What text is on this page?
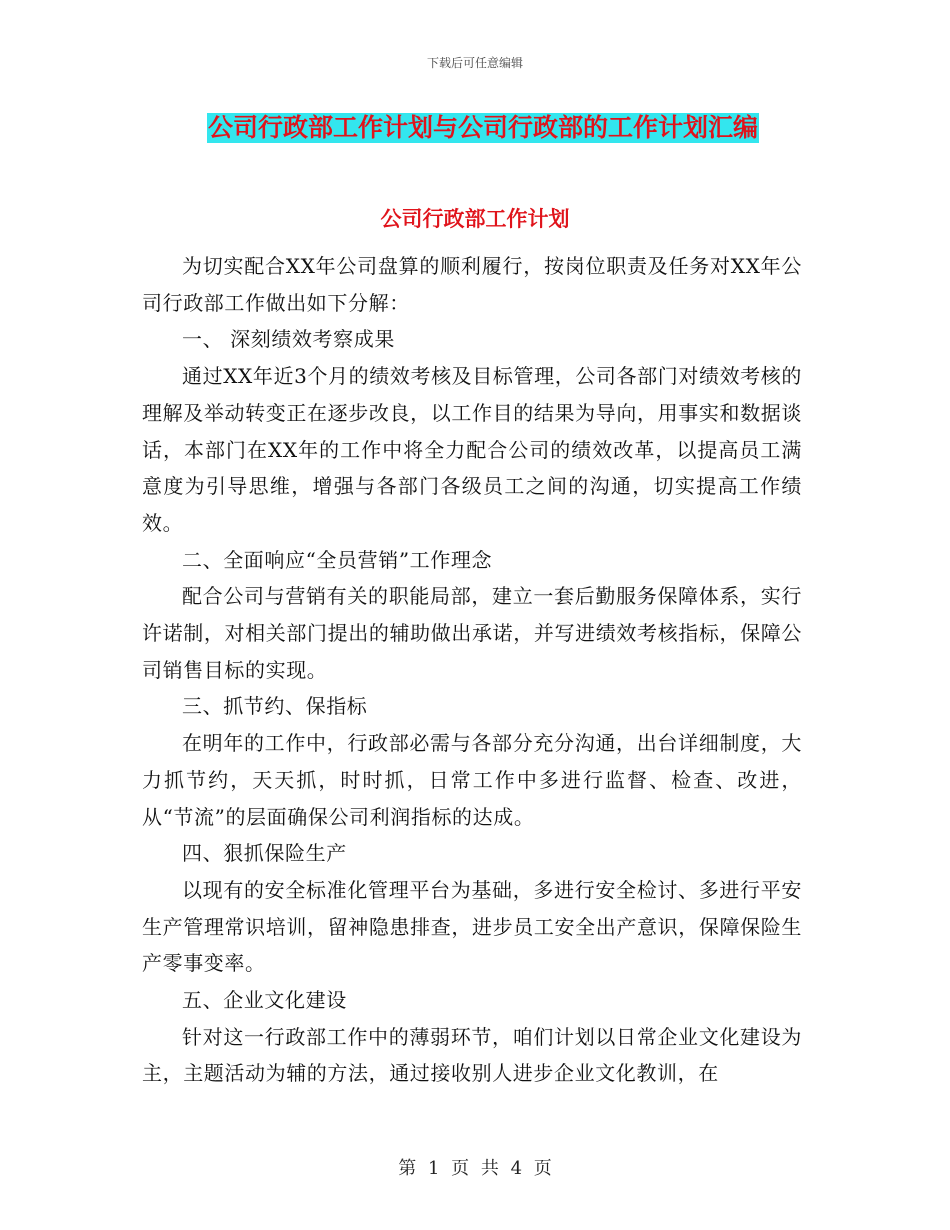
下载后可任意编辑
公司行政部工作计划与公司行政部的工作计划汇编
公司行政部工作计划

为切实配合XX年公司盘算的顺利履行，按岗位职责及任务对XX年公司行政部工作做出如下分解：

一、 深刻绩效考察成果

通过XX年近3个月的绩效考核及目标管理，公司各部门对绩效考核的理解及举动转变正在逐步改良，以工作目的结果为导向，用事实和数据谈话，本部门在XX年的工作中将全力配合公司的绩效改革，以提高员工满意度为引导思维，增强与各部门各级员工之间的沟通，切实提高工作绩效。

二、全面响应“全员营销”工作理念

配合公司与营销有关的职能局部，建立一套后勤服务保障体系，实行许诺制，对相关部门提出的辅助做出承诺，并写进绩效考核指标，保障公司销售目标的实现。

三、抓节约、保指标

在明年的工作中，行政部必需与各部分充分沟通，出台详细制度，大力抓节约，天天抓，时时抓，日常工作中多进行监督、检查、改进，从“节流”的层面确保公司利润指标的达成。

四、狠抓保险生产

以现有的安全标准化管理平台为基础，多进行安全检讨、多进行平安生产管理常识培训，留神隐患排查，进步员工安全出产意识，保障保险生产零事变率。

五、企业文化建设

针对这一行政部工作中的薄弱环节，咱们计划以日常企业文化建设为主，主题活动为辅的方法，通过接收别人进步企业文化教训，在

第 1 页 共 4 页
